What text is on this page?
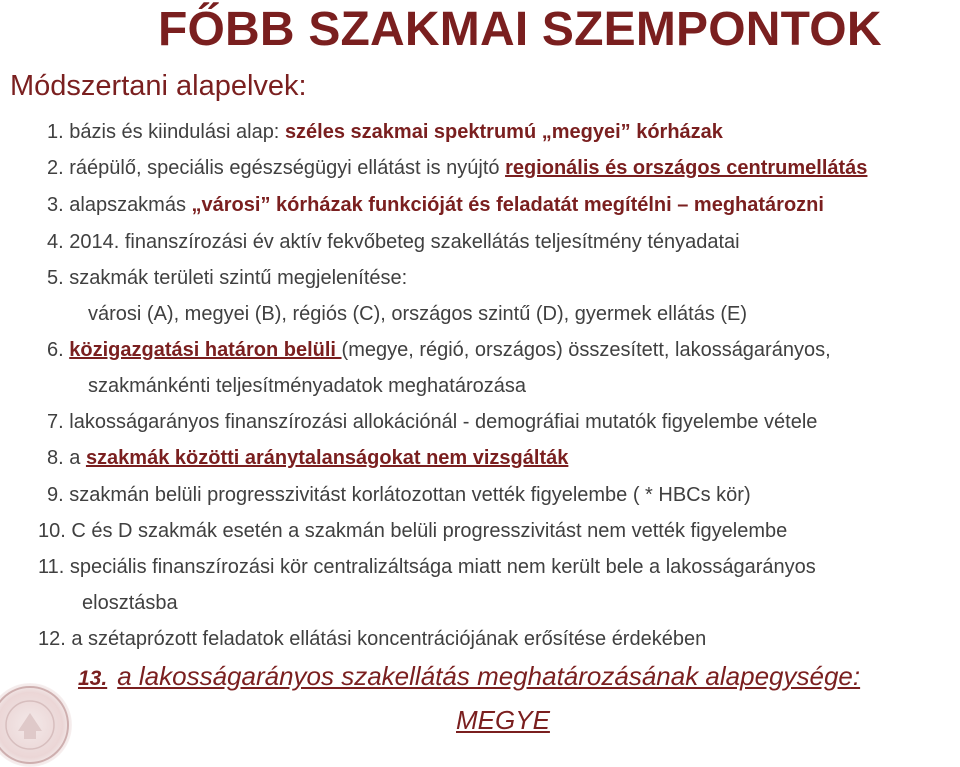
FŐBB SZAKMAI SZEMPONTOK
Módszertani alapelvek:
1. bázis és kiindulási alap: széles szakmai spektrumú „megyei” kórházak
2. ráépülő, speciális egészségügyi ellátást is nyújtó regionális és országos centrumellátás
3. alapszakmás „városi” kórházak funkcióját és feladatát megítélni – meghatározni
4. 2014. finanszírozási év aktív fekvőbeteg szakellátás teljesítmény tényadatai
5. szakmák területi szintű megjelenítése:
városi (A), megyei (B), régiós (C), országos szintű (D), gyermek ellátás (E)
6. közigazgatási határon belüli (megye, régió, országos) összesített, lakosságarányos,
szakmánkénti teljesítményadatok meghatározása
7. lakosságarányos finanszírozási allokációnál - demográfiai mutatók figyelembe vétele
8. a szakmák közötti aránytalanságokat nem vizsgálták
9. szakmán belüli progresszivitást korlátozottan vették figyelembe ( * HBCs kör)
10. C és D szakmák esetén a szakmán belüli progresszivitást nem vették figyelembe
11. speciális finanszírozási kör centralizáltsága miatt nem került bele a lakosságarányos
elosztásba
12. a szétaprózott feladatok ellátási koncentrációjának erősítése érdekében
13. a lakosságarányos szakellátás meghatározásának alapegysége:
MEGYE
